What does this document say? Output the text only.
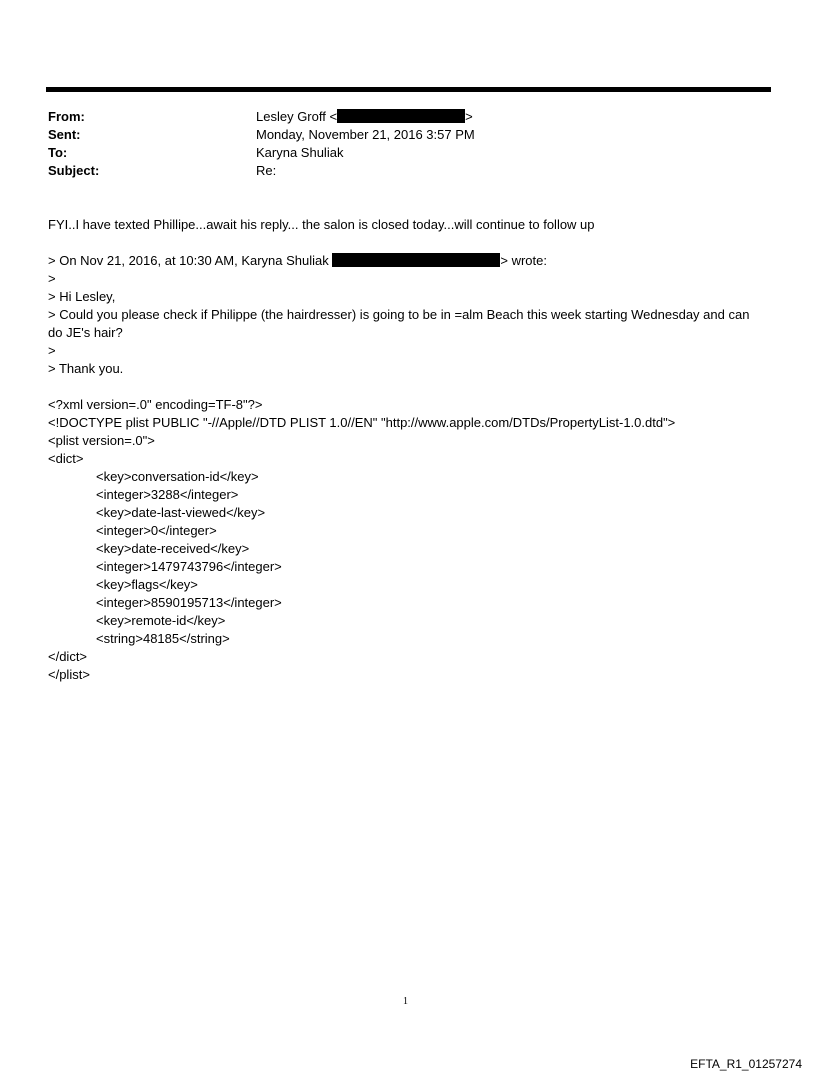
From:	Lesley Groff <	>
Sent:	Monday, November 21, 2016 3:57 PM
To:	Karyna Shuliak
Subject:	Re:
FYI..I have texted Phillipe...await his reply... the salon is closed today...will continue to follow up
> On Nov 21, 2016, at 10:30 AM, Karyna Shuliak	> wrote:
>
> Hi Lesley,
> Could you please check if Philippe (the hairdresser) is going to be in =alm Beach this week starting Wednesday and can
do JE's hair?
>
> Thank you.
<?xml version=.0" encoding=TF-8"?>
<!DOCTYPE plist PUBLIC "-//Apple//DTD PLIST 1.0//EN" "http://www.apple.com/DTDs/PropertyList-1.0.dtd">
<plist version=.0">
<dict>
<key>conversation-id</key>
<integer>3288</integer>
<key>date-last-viewed</key>
<integer>0</integer>
<key>date-received</key>
<integer>1479743796</integer>
<key>flags</key>
<integer>8590195713</integer>
<key>remote-id</key>
<string>48185</string>
</dict>
</plist>
1
EFTA_R1_01257274
